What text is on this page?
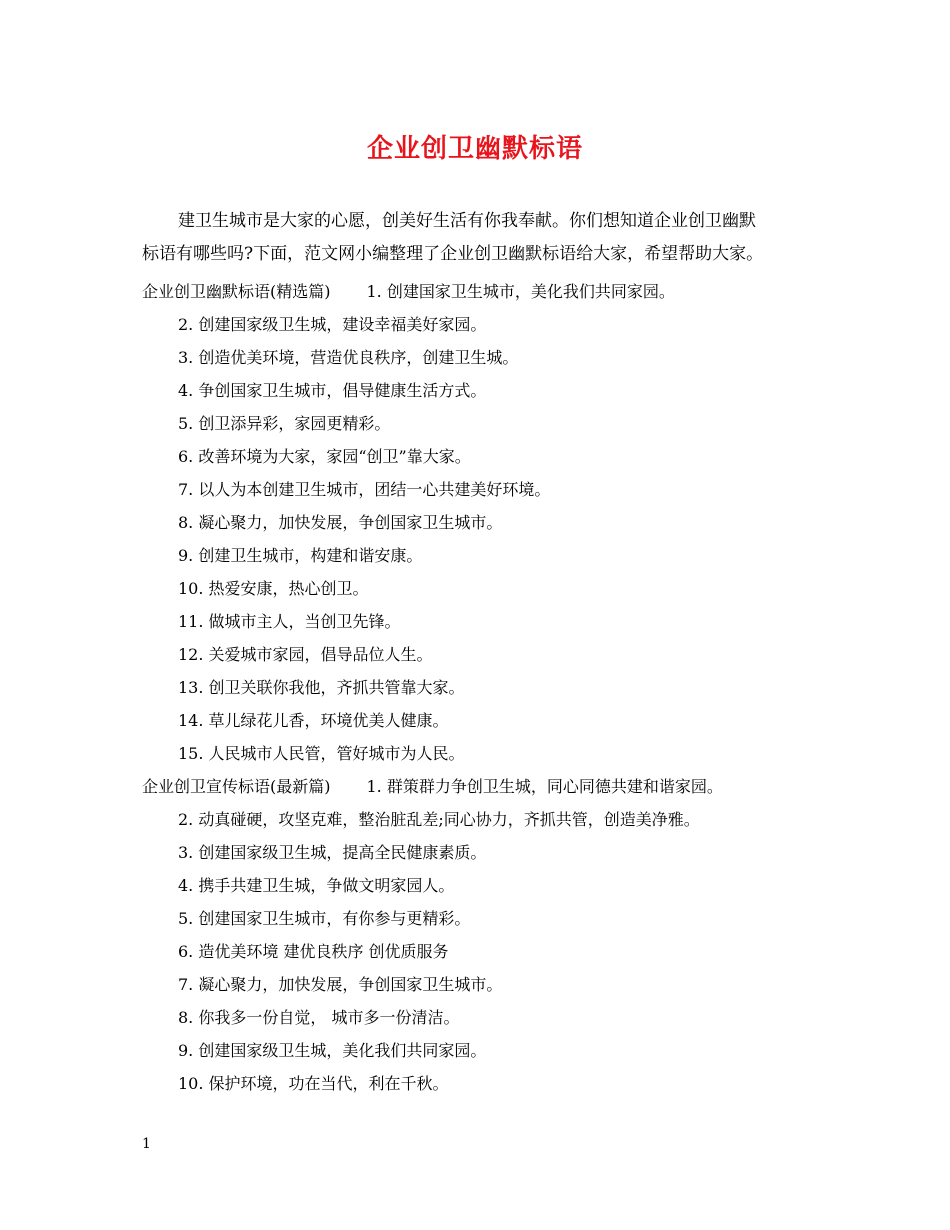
企业创卫幽默标语
建卫生城市是大家的心愿，创美好生活有你我奉献。你们想知道企业创卫幽默
标语有哪些吗?下面，范文网小编整理了企业创卫幽默标语给大家，希望帮助大家。
企业创卫幽默标语(精选篇) 1. 创建国家卫生城市，美化我们共同家园。
2. 创建国家级卫生城，建设幸福美好家园。
3. 创造优美环境，营造优良秩序，创建卫生城。
4. 争创国家卫生城市，倡导健康生活方式。
5. 创卫添异彩，家园更精彩。
6. 改善环境为大家，家园“创卫”靠大家。
7. 以人为本创建卫生城市，团结一心共建美好环境。
8. 凝心聚力，加快发展，争创国家卫生城市。
9. 创建卫生城市，构建和谐安康。
10. 热爱安康，热心创卫。
11. 做城市主人，当创卫先锋。
12. 关爱城市家园，倡导品位人生。
13. 创卫关联你我他，齐抓共管靠大家。
14. 草儿绿花儿香，环境优美人健康。
15. 人民城市人民管，管好城市为人民。
企业创卫宣传标语(最新篇) 1. 群策群力争创卫生城，同心同德共建和谐家园。
2. 动真碰硬，攻坚克难，整治脏乱差;同心协力，齐抓共管，创造美净雅。
3. 创建国家级卫生城，提高全民健康素质。
4. 携手共建卫生城，争做文明家园人。
5. 创建国家卫生城市，有你参与更精彩。
6. 造优美环境 建优良秩序 创优质服务
7. 凝心聚力，加快发展，争创国家卫生城市。
8. 你我多一份自觉， 城市多一份清洁。
9. 创建国家级卫生城，美化我们共同家园。
10. 保护环境，功在当代，利在千秋。
1
